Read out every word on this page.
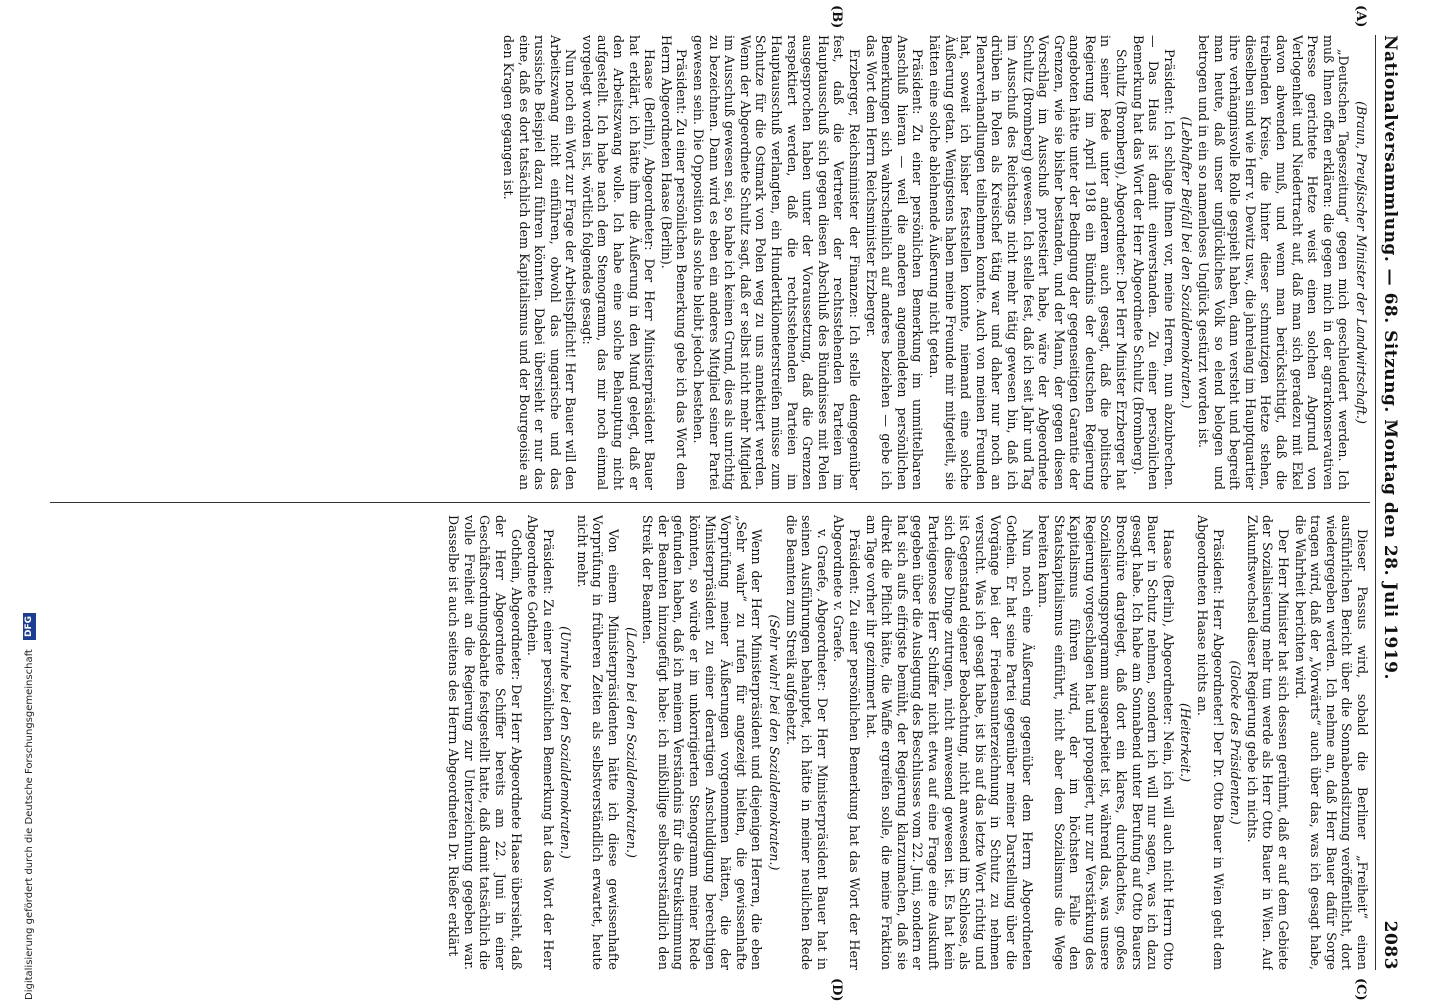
Nationalversammlung. — 68. Sitzung. Montag den 28. Juli 1919.
2083
(A)
(B)
(C)
(D)

(Braun, Preußischer Minister der Landwirtschaft.)

„Deutschen Tageszeitung“ gegen mich geschleudert werden. Ich muß Ihnen offen erklären: die gegen mich in der agrarkonservativen Presse gerichtete Hetze weist einen solchen Abgrund von Verlogenheit und Niedertracht auf, daß man sich geradezu mit Ekel davon abwenden muß, und wenn man berücksichtigt, daß die treibenden Kreise, die hinter dieser schmutzigen Hetze stehen, dieselben sind wie Herr v. Dewitz usw., die jahrelang im Hauptquartier ihre verhängnisvolle Rolle gespielt haben, dann versteht und begreift man heute, daß unser unglückliches Volk so elend belogen und betrogen und in ein so namenloses Unglück gestürzt worden ist.

(Lebhafter Beifall bei den Sozialdemokraten.)

Präsident: Ich schlage Ihnen vor, meine Herren, nun abzubrechen. — Das Haus ist damit einverstanden. Zu einer persönlichen Bemerkung hat das Wort der Herr Abgeordnete Schultz (Bromberg).

Schultz (Bromberg), Abgeordneter: Der Herr Minister Erzberger hat in seiner Rede unter anderem auch gesagt, daß die politische Regierung im April 1918 ein Bündnis der deutschen Regierung angeboten hätte unter der Bedingung der gegenseitigen Garantie der Grenzen, wie sie bisher bestanden, und der Mann, der gegen diesen Vorschlag im Ausschuß protestiert habe, wäre der Abgeordnete Schultz (Bromberg) gewesen. Ich stelle fest, daß ich seit Jahr und Tag im Ausschuß des Reichstags nicht mehr tätig gewesen bin, daß ich drüben in Polen als Kreischef tätig war und daher nur noch an Plenarverhandlungen teilnehmen konnte. Auch von meinen Freunden hat, soweit ich bisher feststellen konnte, niemand eine solche Äußerung getan. Wenigstens haben meine Freunde mir mitgeteilt, sie hätten eine solche ablehnende Äußerung nicht getan.

Präsident: Zu einer persönlichen Bemerkung im unmittelbaren Anschluß hieran — weil die anderen angemeldeten persönlichen Bemerkungen sich wahrscheinlich auf anderes beziehen — gebe ich das Wort dem Herrn Reichsminister Erzberger.

Erzberger, Reichsminister der Finanzen: Ich stelle demgegenüber fest, daß die Vertreter der rechtsstehenden Parteien im Hauptausschuß sich gegen diesen Abschluß des Bündnisses mit Polen ausgesprochen haben unter der Voraussetzung, daß die Grenzen respektiert werden, daß die rechtsstehenden Parteien im Hauptausschuß verlangten, ein Hundertkilometerstreifen müsse zum Schutze für die Ostmark von Polen weg zu uns annektiert werden. Wenn der Abgeordnete Schultz sagt, daß er selbst nicht mehr Mitglied im Ausschuß gewesen sei, so habe ich keinen Grund, dies als unrichtig zu bezeichnen. Dann wird es eben ein anderes Mitglied seiner Partei gewesen sein. Die Opposition als solche bleibt jedoch bestehen.

Präsident: Zu einer persönlichen Bemerkung gebe ich das Wort dem Herrn Abgeordneten Haase (Berlin).

Haase (Berlin), Abgeordneter: Der Herr Ministerpräsident Bauer hat erklärt, ich hätte ihm die Äußerung in den Mund gelegt, daß er den Arbeitszwang wolle. Ich habe eine solche Behauptung nicht aufgestellt. Ich habe nach dem Stenogramm, das mir noch einmal vorgelegt worden ist, wörtlich folgendes gesagt:

Nun noch ein Wort zur Frage der Arbeitspflicht! Herr Bauer will den Arbeitszwang nicht einführen, obwohl das ungarische und das russische Beispiel dazu führen könnten. Dabei übersieht er nur das eine, daß es dort tatsächlich dem Kapitalismus und der Bourgeoisie an den Kragen gegangen ist.

Dieser Passus wird, sobald die Berliner „Freiheit“ einen ausführlichen Bericht über die Sonnabendsitzung veröffentlicht, dort wiedergegeben werden. Ich nehme an, daß Herr Bauer dafür Sorge tragen wird, daß der „Vorwärts“ auch über das, was ich gesagt habe, die Wahrheit berichten wird.

Der Herr Minister hat sich dessen gerühmt, daß er auf dem Gebiete der Sozialisierung mehr tun werde als Herr Otto Bauer in Wien. Auf Zukunftswechsel dieser Regierung gebe ich nichts.

(Glocke des Präsidenten.)

Präsident: Herr Abgeordneter! Der Dr. Otto Bauer in Wien geht dem Abgeordneten Haase nichts an.

(Heiterkeit.)

Haase (Berlin), Abgeordneter: Nein, ich will auch nicht Herrn Otto Bauer in Schutz nehmen, sondern ich will nur sagen, was ich dazu gesagt habe. Ich habe am Sonnabend unter Berufung auf Otto Bauers Broschüre dargelegt, daß dort ein klares, durchdachtes, großes Sozialisierungsprogramm ausgearbeitet ist, während das, was unsere Regierung vorgeschlagen hat und propagiert, nur zur Verstärkung des Kapitalismus führen wird, der im höchsten Falle den Staatskapitalismus einführt, nicht aber dem Sozialismus die Wege bereiten kann.

Nun noch eine Äußerung gegenüber dem Herrn Abgeordneten Gothein. Er hat seine Partei gegenüber meiner Darstellung über die Vorgänge bei der Friedensunterzeichnung in Schutz zu nehmen versucht. Was ich gesagt habe, ist bis auf das letzte Wort richtig und ist Gegenstand eigener Beobachtung, nicht anwesend im Schlosse, als sich diese Dinge zutrugen, nicht anwesend gewesen ist. Es hat kein Parteigenosse Herr Schiffer nicht etwa auf eine Frage eine Auskunft gegeben über die Auslegung des Beschlusses vom 22. Juni, sondern er hat sich aufs eifrigste bemüht, der Regierung klarzumachen, daß sie direkt die Pflicht hätte, die Waffe ergreifen solle, die meine Fraktion am Tage vorher ihr gezimmert hat.

Präsident: Zu einer persönlichen Bemerkung hat das Wort der Herr Abgeordnete v. Graefe.

v. Graefe, Abgeordneter: Der Herr Ministerpräsident Bauer hat in seinen Ausführungen behauptet, ich hätte in meiner neulichen Rede die Beamten zum Streik aufgehetzt.

(Sehr wahr! bei den Sozialdemokraten.)

Wenn der Herr Ministerpräsident und diejenigen Herren, die eben „Sehr wahr“ zu rufen für angezeigt hielten, die gewissenhafte Vorprüfung meiner Äußerungen vorgenommen hätten, die der Ministerpräsident zu einer derartigen Anschuldigung berechtigen könnten, so würde er im unkorrigierten Stenogramm meiner Rede gefunden haben, daß ich meinem Verständnis für die Streikstimmung der Beamten hinzugefügt habe: ich mißbillige selbstverständlich den Streik der Beamten.

(Lachen bei den Sozialdemokraten.)

Von einem Ministerpräsidenten hätte ich diese gewissenhafte Vorprüfung in früheren Zeiten als selbstverständlich erwartet, heute nicht mehr.

(Unruhe bei den Sozialdemokraten.)

Präsident: Zu einer persönlichen Bemerkung hat das Wort der Herr Abgeordnete Gothein.

Gothein, Abgeordneter: Der Herr Abgeordnete Haase übersieht, daß der Herr Abgeordnete Schiffer bereits am 22. Juni in einer Geschäftsordnungsdebatte festgestellt hatte, daß damit tatsächlich die volle Freiheit an die Regierung zur Unterzeichnung gegeben war. Dasselbe ist auch seitens des Herrn Abgeordneten Dr. Rießer erklärt

Digitalisierung gefördert durch die Deutsche Forschungsgemeinschaft DFG
